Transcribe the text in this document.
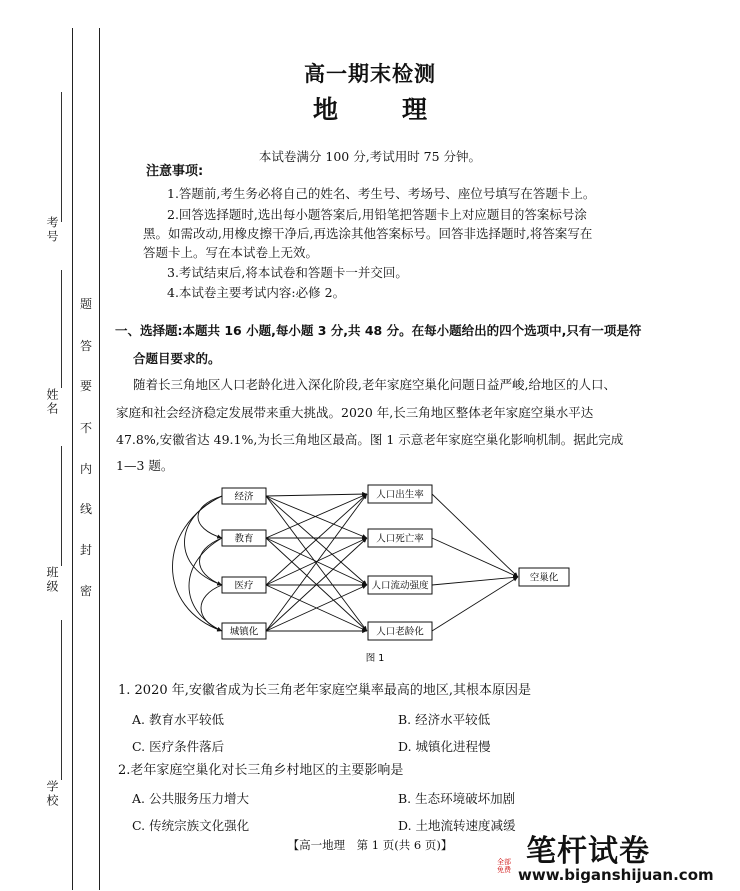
考号
姓名
班级
学校
题
答
要
不
内
线
封
密
高一期末检测
地	理
本试卷满分 100 分,考试用时 75 分钟。
注意事项:
1.答题前,考生务必将自己的姓名、考生号、考场号、座位号填写在答题卡上。
2.回答选择题时,选出每小题答案后,用铅笔把答题卡上对应题目的答案标号涂
黑。如需改动,用橡皮擦干净后,再选涂其他答案标号。回答非选择题时,将答案写在
答题卡上。写在本试卷上无效。
3.考试结束后,将本试卷和答题卡一并交回。
4.本试卷主要考试内容:必修 2。
一、选择题:本题共 16 小题,每小题 3 分,共 48 分。在每小题给出的四个选项中,只有一项是符
合题目要求的。
随着长三角地区人口老龄化进入深化阶段,老年家庭空巢化问题日益严峻,给地区的人口、
家庭和社会经济稳定发展带来重大挑战。2020 年,长三角地区整体老年家庭空巢水平达
47.8%,安徽省达 49.1%,为长三角地区最高。图 1 示意老年家庭空巢化影响机制。据此完成
1—3 题。
经济
教育
医疗
城镇化
人口出生率
人口死亡率
人口流动强度
人口老龄化
空巢化
图 1
1. 2020 年,安徽省成为长三角老年家庭空巢率最高的地区,其根本原因是
A. 教育水平较低	B. 经济水平较低
C. 医疗条件落后	D. 城镇化进程慢
2.老年家庭空巢化对长三角乡村地区的主要影响是
A. 公共服务压力增大	B. 生态环境破坏加剧
C. 传统宗族文化强化	D. 土地流转速度减缓
【高一地理　第 1 页(共 6 页)】	笔杆试卷
全部免费 www.biganshijuan.com
